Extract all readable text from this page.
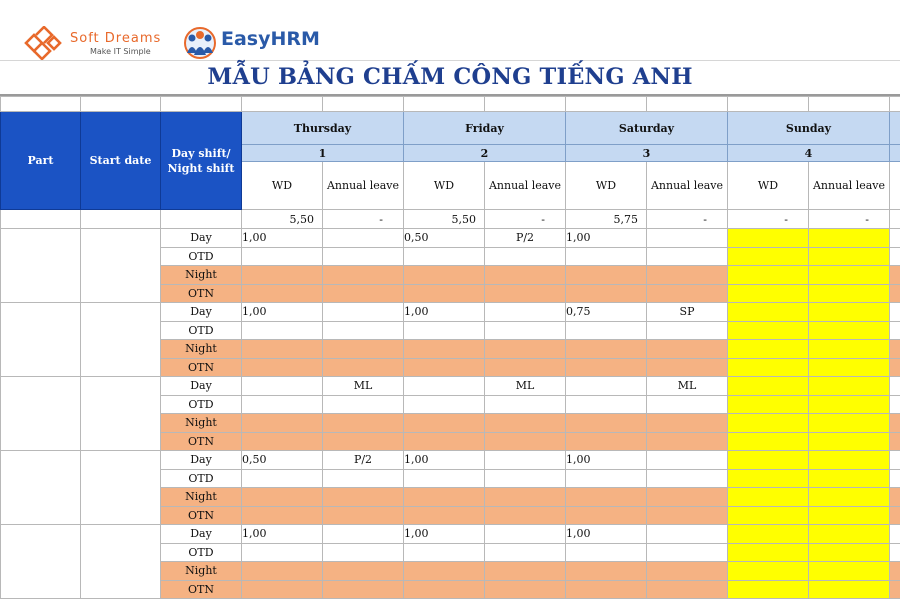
Soft Dreams
Make IT Simple
EasyHRM
MẪU BẢNG CHẤM CÔNG TIẾNG ANH

Part	Start date	Day shift/ Night shift	Thursday		Friday		Saturday		Sunday		
			1		2		3		4		
			WD	Annual leave	WD	Annual leave	WD	Annual leave	WD	Annual leave	
			5,50	-	5,50	-	5,75	-	-	-	
		Day	1,00		0,50	P/2	1,00				
		OTD									
		Night									
		OTN									
		Day	1,00		1,00		0,75	SP			
		OTD									
		Night									
		OTN									
		Day		ML		ML		ML			
		OTD									
		Night									
		OTN									
		Day	0,50	P/2	1,00		1,00				
		OTD									
		Night									
		OTN									
		Day	1,00		1,00		1,00				
		OTD									
		Night									
		OTN									
